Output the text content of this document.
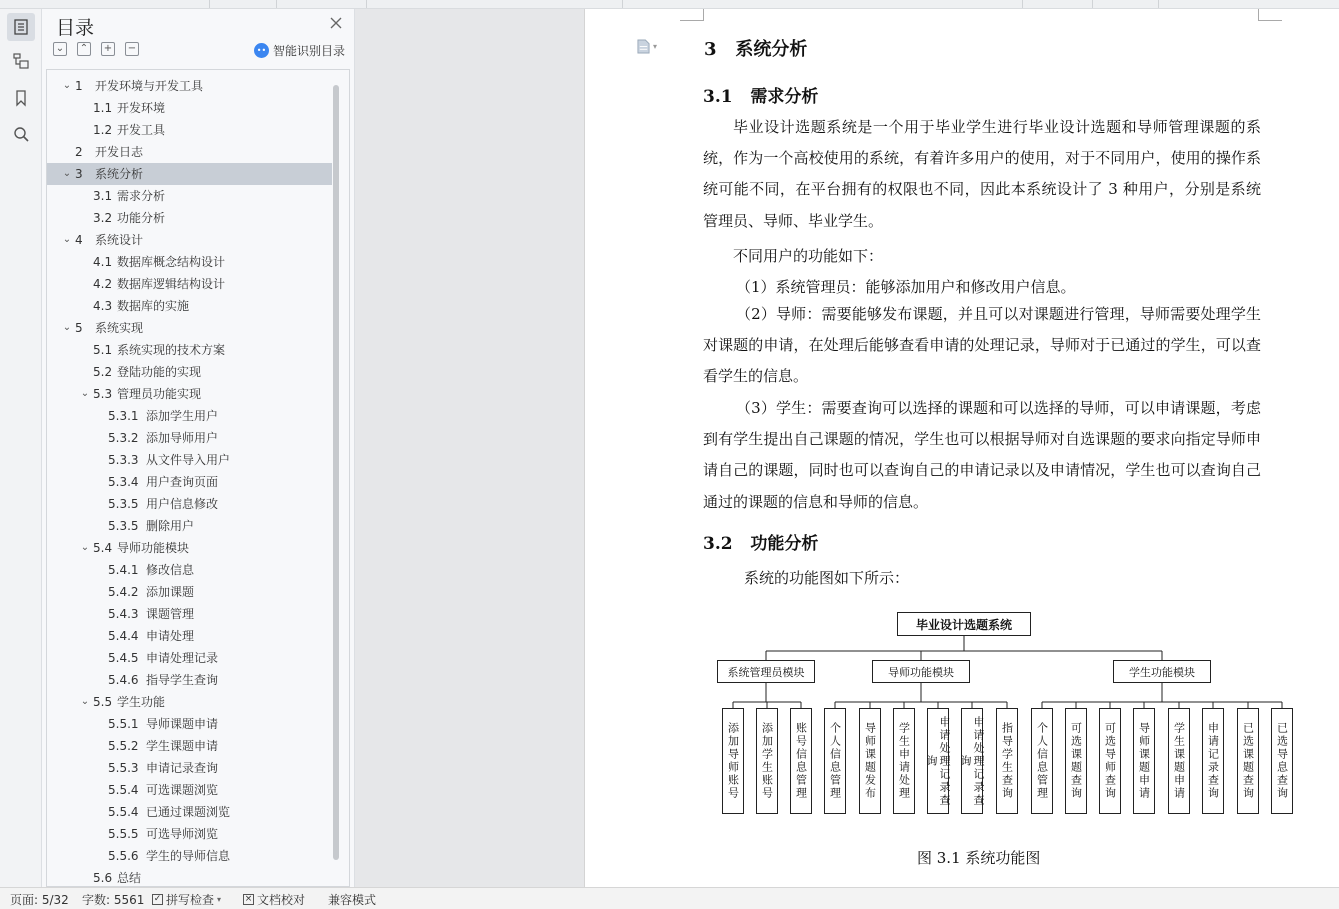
目录
⌄ ⌃ + −	•• 智能识别目录
⌄ 1 开发环境与开发工具
1.1 开发环境
1.2 开发工具
2 开发日志
⌄ 3 系统分析
3.1 需求分析
3.2 功能分析
⌄ 4 系统设计
4.1 数据库概念结构设计
4.2 数据库逻辑结构设计
4.3 数据库的实施
⌄ 5 系统实现
5.1 系统实现的技术方案
5.2 登陆功能的实现
⌄ 5.3 管理员功能实现
5.3.1 添加学生用户
5.3.2 添加导师用户
5.3.3 从文件导入用户
5.3.4 用户查询页面
5.3.5 用户信息修改
5.3.5 删除用户
⌄ 5.4 导师功能模块
5.4.1 修改信息
5.4.2 添加课题
5.4.3 课题管理
5.4.4 申请处理
5.4.5 申请处理记录
5.4.6 指导学生查询
⌄ 5.5 学生功能
5.5.1 导师课题申请
5.5.2 学生课题申请
5.5.3 申请记录查询
5.5.4 可选课题浏览
5.5.4 已通过课题浏览
5.5.5 可选导师浏览
5.5.6 学生的导师信息
5.6 总结
▾	3 系统分析
3.1 需求分析
毕业设计选题系统是一个用于毕业学生进行毕业设计选题和导师管理课题的系统，作为一个高校使用的系统，有着许多用户的使用，对于不同用户，使用的操作系统可能不同，在平台拥有的权限也不同，因此本系统设计了 3 种用户，分别是系统管理员、导师、毕业学生。
不同用户的功能如下：
（1）系统管理员：能够添加用户和修改用户信息。
（2）导师：需要能够发布课题，并且可以对课题进行管理，导师需要处理学生对课题的申请，在处理后能够查看申请的处理记录，导师对于已通过的学生，可以查看学生的信息。
（3）学生：需要查询可以选择的课题和可以选择的导师，可以申请课题，考虑到有学生提出自己课题的情况，学生也可以根据导师对自选课题的要求向指定导师申请自己的课题，同时也可以查询自己的申请记录以及申请情况，学生也可以查询自己通过的课题的信息和导师的信息。
3.2 功能分析
系统的功能图如下所示：
毕业设计选题系统
系统管理员模块	导师功能模块	学生功能模块
添加导师账号	添加学生账号	账号信息管理	个人信息管理	导师课题发布	学生申请处理	申请处理记录查询	申请处理记录查询	指导学生查询	个人信息管理	可选课题查询	可选导师查询	导师课题申请	学生课题申请	申请记录查询	已选课题查询	已选导息查询
图 3.1 系统功能图
页面: 5/32 字数: 5561 ✓ 拼写检查 ▾	× 文档校对 兼容模式
